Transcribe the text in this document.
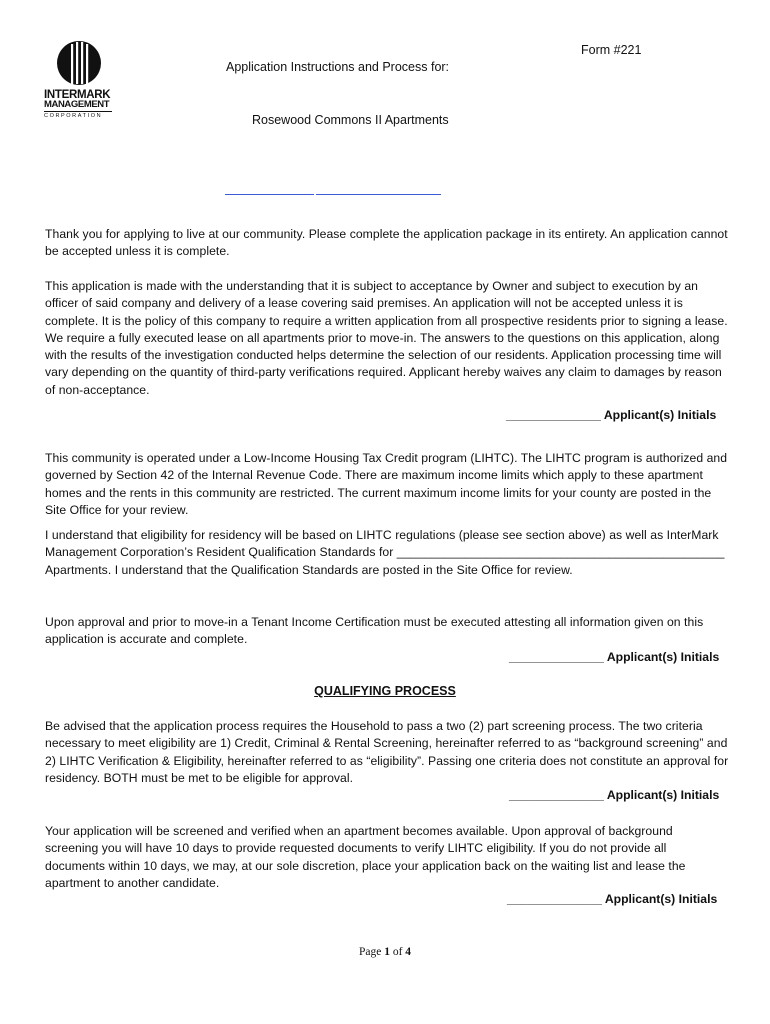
INTERMARK
MANAGEMENT
CORPORATION
Form #221
Application Instructions and Process for:
Rosewood Commons II Apartments

Thank you for applying to live at our community. Please complete the application package in its entirety. An application cannot be accepted unless it is complete.

This application is made with the understanding that it is subject to acceptance by Owner and subject to execution by an officer of said company and delivery of a lease covering said premises. An application will not be accepted unless it is complete. It is the policy of this company to require a written application from all prospective residents prior to signing a lease. We require a fully executed lease on all apartments prior to move-in. The answers to the questions on this application, along with the results of the investigation conducted helps determine the selection of our residents. Application processing time will vary depending on the quantity of third-party verifications required. Applicant hereby waives any claim to damages by reason of non-acceptance.

______________ Applicant(s) Initials

This community is operated under a Low-Income Housing Tax Credit program (LIHTC). The LIHTC program is authorized and governed by Section 42 of the Internal Revenue Code. There are maximum income limits which apply to these apartment homes and the rents in this community are restricted. The current maximum income limits for your county are posted in the Site Office for your review.

I understand that eligibility for residency will be based on LIHTC regulations (please see section above) as well as InterMark Management Corporation’s Resident Qualification Standards for ________________________________________________ Apartments. I understand that the Qualification Standards are posted in the Site Office for review.

Upon approval and prior to move-in a Tenant Income Certification must be executed attesting all information given on this application is accurate and complete.

______________ Applicant(s) Initials
QUALIFYING PROCESS

Be advised that the application process requires the Household to pass a two (2) part screening process. The two criteria necessary to meet eligibility are 1) Credit, Criminal & Rental Screening, hereinafter referred to as “background screening” and 2) LIHTC Verification & Eligibility, hereinafter referred to as “eligibility”. Passing one criteria does not constitute an approval for residency. BOTH must be met to be eligible for approval.

______________ Applicant(s) Initials

Your application will be screened and verified when an apartment becomes available. Upon approval of background screening you will have 10 days to provide requested documents to verify LIHTC eligibility. If you do not provide all documents within 10 days, we may, at our sole discretion, place your application back on the waiting list and lease the apartment to another candidate.

______________ Applicant(s) Initials
Page 1 of 4
